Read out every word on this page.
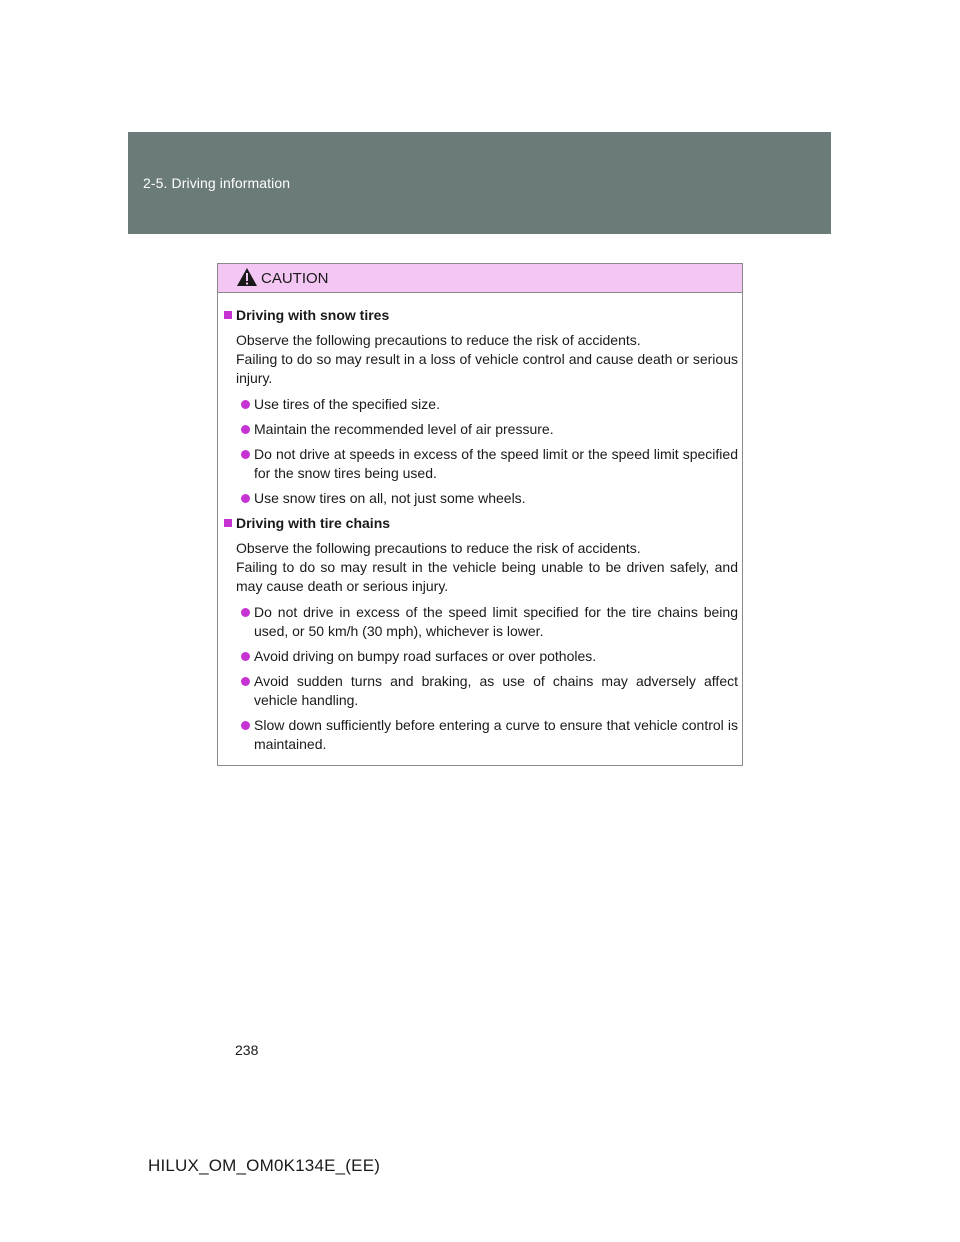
2-5. Driving information
CAUTION
Driving with snow tires
Observe the following precautions to reduce the risk of accidents.
Failing to do so may result in a loss of vehicle control and cause death or serious injury.
Use tires of the specified size.
Maintain the recommended level of air pressure.
Do not drive at speeds in excess of the speed limit or the speed limit specified for the snow tires being used.
Use snow tires on all, not just some wheels.
Driving with tire chains
Observe the following precautions to reduce the risk of accidents.
Failing to do so may result in the vehicle being unable to be driven safely, and may cause death or serious injury.
Do not drive in excess of the speed limit specified for the tire chains being used, or 50 km/h (30 mph), whichever is lower.
Avoid driving on bumpy road surfaces or over potholes.
Avoid sudden turns and braking, as use of chains may adversely affect vehicle handling.
Slow down sufficiently before entering a curve to ensure that vehicle control is maintained.
238
HILUX_OM_OM0K134E_(EE)
